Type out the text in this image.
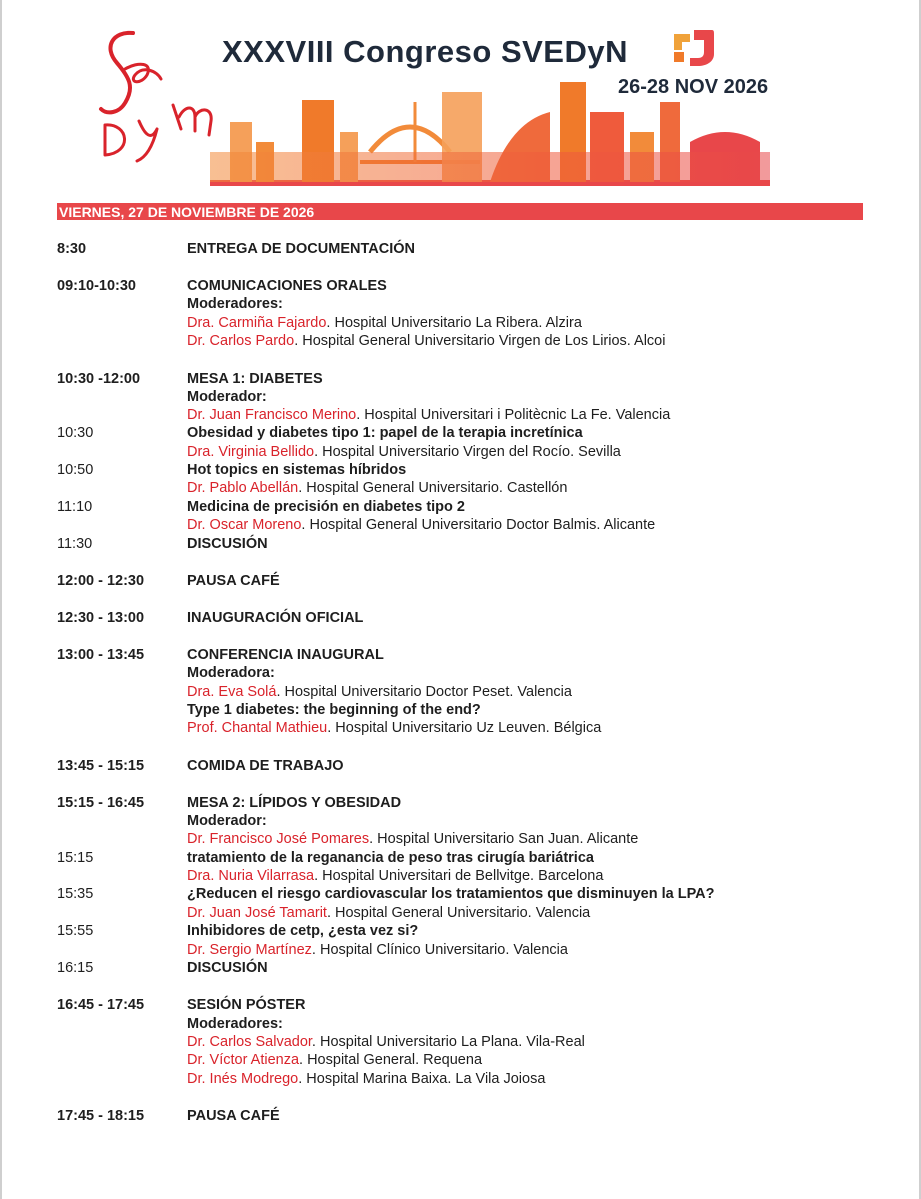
XXXVIII Congreso SVEDyN
26-28 NOV 2026
VIERNES, 27 DE NOVIEMBRE DE 2026
8:30	ENTREGA DE DOCUMENTACIÓN
09:10-10:30	COMUNICACIONES ORALES
Moderadores:
Dra. Carmiña Fajardo. Hospital Universitario La Ribera. Alzira
Dr. Carlos Pardo. Hospital General Universitario Virgen de Los Lirios. Alcoi
10:30 -12:00	MESA 1: DIABETES
Moderador:
Dr. Juan Francisco Merino. Hospital Universitari i Politècnic La Fe. Valencia
10:30	Obesidad y diabetes tipo 1: papel de la terapia incretínica
Dra. Virginia Bellido. Hospital Universitario Virgen del Rocío. Sevilla
10:50	Hot topics en sistemas híbridos
Dr. Pablo Abellán. Hospital General Universitario. Castellón
11:10	Medicina de precisión en diabetes tipo 2
Dr. Oscar Moreno. Hospital General Universitario Doctor Balmis. Alicante
11:30	DISCUSIÓN
12:00 - 12:30	PAUSA CAFÉ
12:30 - 13:00	INAUGURACIÓN OFICIAL
13:00 - 13:45	CONFERENCIA INAUGURAL
Moderadora:
Dra. Eva Solá. Hospital Universitario Doctor Peset. Valencia
Type 1 diabetes: the beginning of the end?
Prof. Chantal Mathieu. Hospital Universitario Uz Leuven. Bélgica
13:45 - 15:15	COMIDA DE TRABAJO
15:15 - 16:45	MESA 2: LÍPIDOS Y OBESIDAD
Moderador:
Dr. Francisco José Pomares. Hospital Universitario San Juan. Alicante
15:15	tratamiento de la reganancia de peso tras cirugía bariátrica
Dra. Nuria Vilarrasa. Hospital Universitari de Bellvitge. Barcelona
15:35	¿Reducen el riesgo cardiovascular los tratamientos que disminuyen la LPA?
Dr. Juan José Tamarit. Hospital General Universitario. Valencia
15:55	Inhibidores de cetp, ¿esta vez si?
Dr. Sergio Martínez. Hospital Clínico Universitario. Valencia
16:15	DISCUSIÓN
16:45 - 17:45	SESIÓN PÓSTER
Moderadores:
Dr. Carlos Salvador. Hospital Universitario La Plana. Vila-Real
Dr. Víctor Atienza. Hospital General. Requena
Dr. Inés Modrego. Hospital Marina Baixa. La Vila Joiosa
17:45 - 18:15	PAUSA CAFÉ
